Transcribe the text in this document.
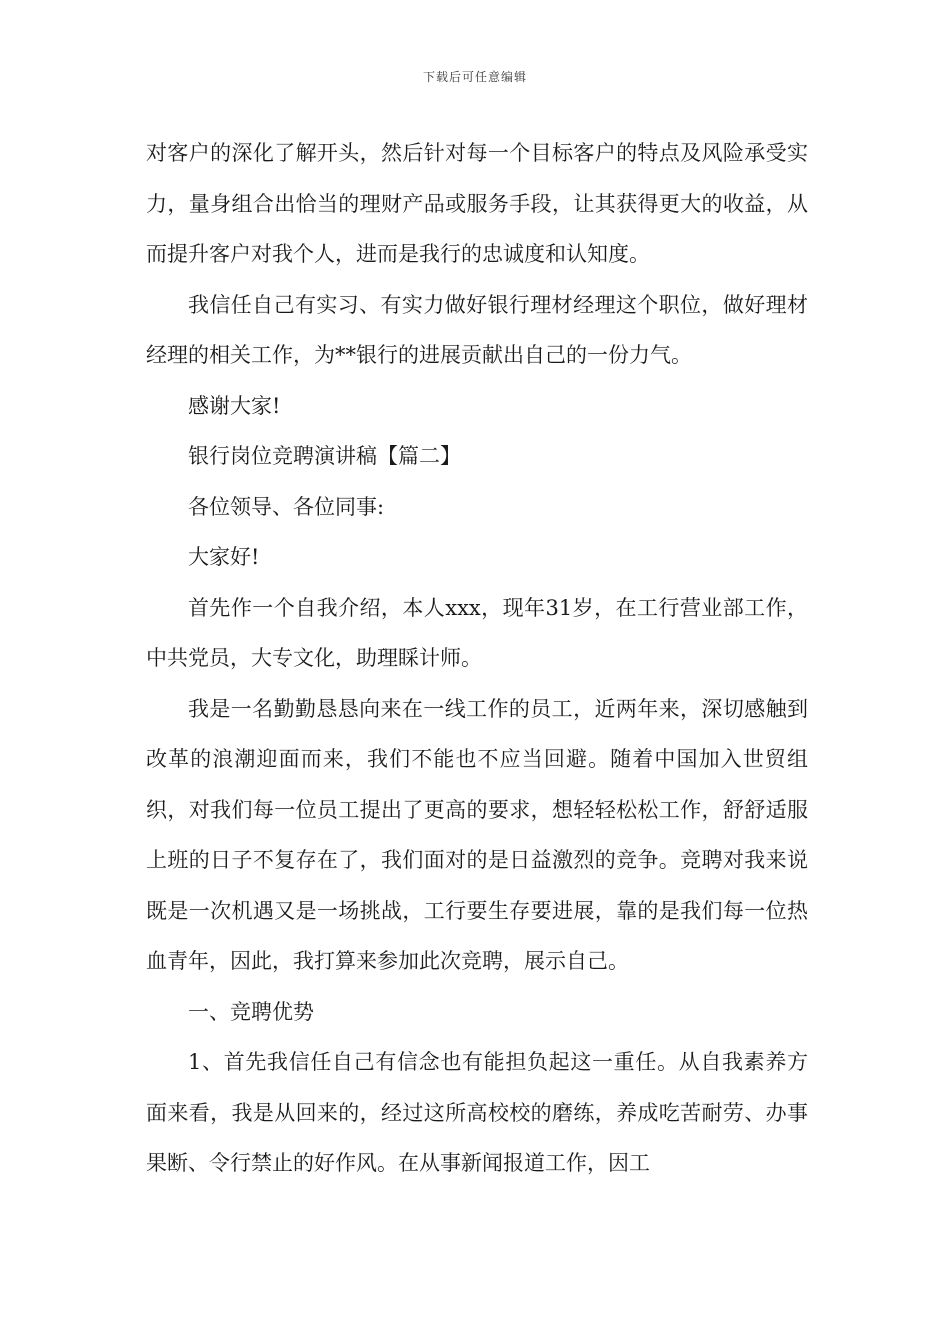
下载后可任意编辑

对客户的深化了解开头，然后针对每一个目标客户的特点及风险承受实力，量身组合出恰当的理财产品或服务手段，让其获得更大的收益，从而提升客户对我个人，进而是我行的忠诚度和认知度。

我信任自己有实习、有实力做好银行理材经理这个职位，做好理材经理的相关工作，为**银行的进展贡献出自己的一份力气。

感谢大家!

银行岗位竞聘演讲稿【篇二】

各位领导、各位同事:

大家好!

首先作一个自我介绍，本人xxx，现年31岁，在工行营业部工作，中共党员，大专文化，助理睬计师。

我是一名勤勤恳恳向来在一线工作的员工，近两年来，深切感触到改革的浪潮迎面而来，我们不能也不应当回避。随着中国加入世贸组织，对我们每一位员工提出了更高的要求，想轻轻松松工作，舒舒适服上班的日子不复存在了，我们面对的是日益激烈的竞争。竞聘对我来说既是一次机遇又是一场挑战，工行要生存要进展，靠的是我们每一位热血青年，因此，我打算来参加此次竞聘，展示自己。

一、竞聘优势

1、首先我信任自己有信念也有能担负起这一重任。从自我素养方面来看，我是从回来的，经过这所高校校的磨练，养成吃苦耐劳、办事果断、令行禁止的好作风。在从事新闻报道工作，因工
